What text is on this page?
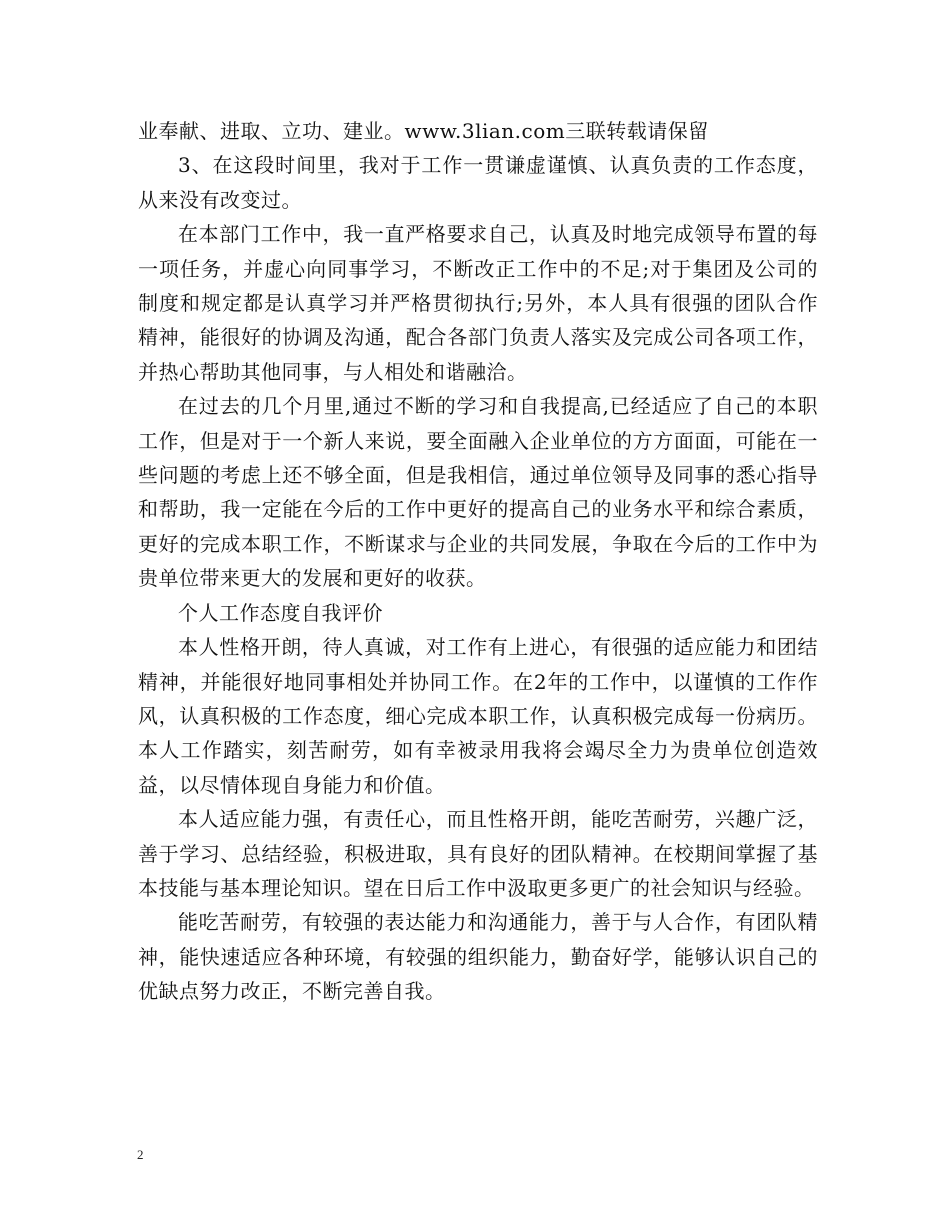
业奉献、进取、立功、建业。www.3lian.com三联转载请保留

3、在这段时间里，我对于工作一贯谦虚谨慎、认真负责的工作态度，从来没有改变过。

在本部门工作中，我一直严格要求自己，认真及时地完成领导布置的每一项任务，并虚心向同事学习，不断改正工作中的不足;对于集团及公司的制度和规定都是认真学习并严格贯彻执行;另外，本人具有很强的团队合作精神，能很好的协调及沟通，配合各部门负责人落实及完成公司各项工作，并热心帮助其他同事，与人相处和谐融洽。

在过去的几个月里,通过不断的学习和自我提高,已经适应了自己的本职工作，但是对于一个新人来说，要全面融入企业单位的方方面面，可能在一些问题的考虑上还不够全面，但是我相信，通过单位领导及同事的悉心指导和帮助，我一定能在今后的工作中更好的提高自己的业务水平和综合素质，更好的完成本职工作，不断谋求与企业的共同发展，争取在今后的工作中为贵单位带来更大的发展和更好的收获。

个人工作态度自我评价

本人性格开朗，待人真诚，对工作有上进心，有很强的适应能力和团结精神，并能很好地同事相处并协同工作。在2年的工作中，以谨慎的工作作风，认真积极的工作态度，细心完成本职工作，认真积极完成每一份病历。本人工作踏实，刻苦耐劳，如有幸被录用我将会竭尽全力为贵单位创造效益，以尽情体现自身能力和价值。

本人适应能力强，有责任心，而且性格开朗，能吃苦耐劳，兴趣广泛，善于学习、总结经验，积极进取，具有良好的团队精神。在校期间掌握了基本技能与基本理论知识。望在日后工作中汲取更多更广的社会知识与经验。

能吃苦耐劳，有较强的表达能力和沟通能力，善于与人合作，有团队精神，能快速适应各种环境，有较强的组织能力，勤奋好学，能够认识自己的优缺点努力改正，不断完善自我。

2
